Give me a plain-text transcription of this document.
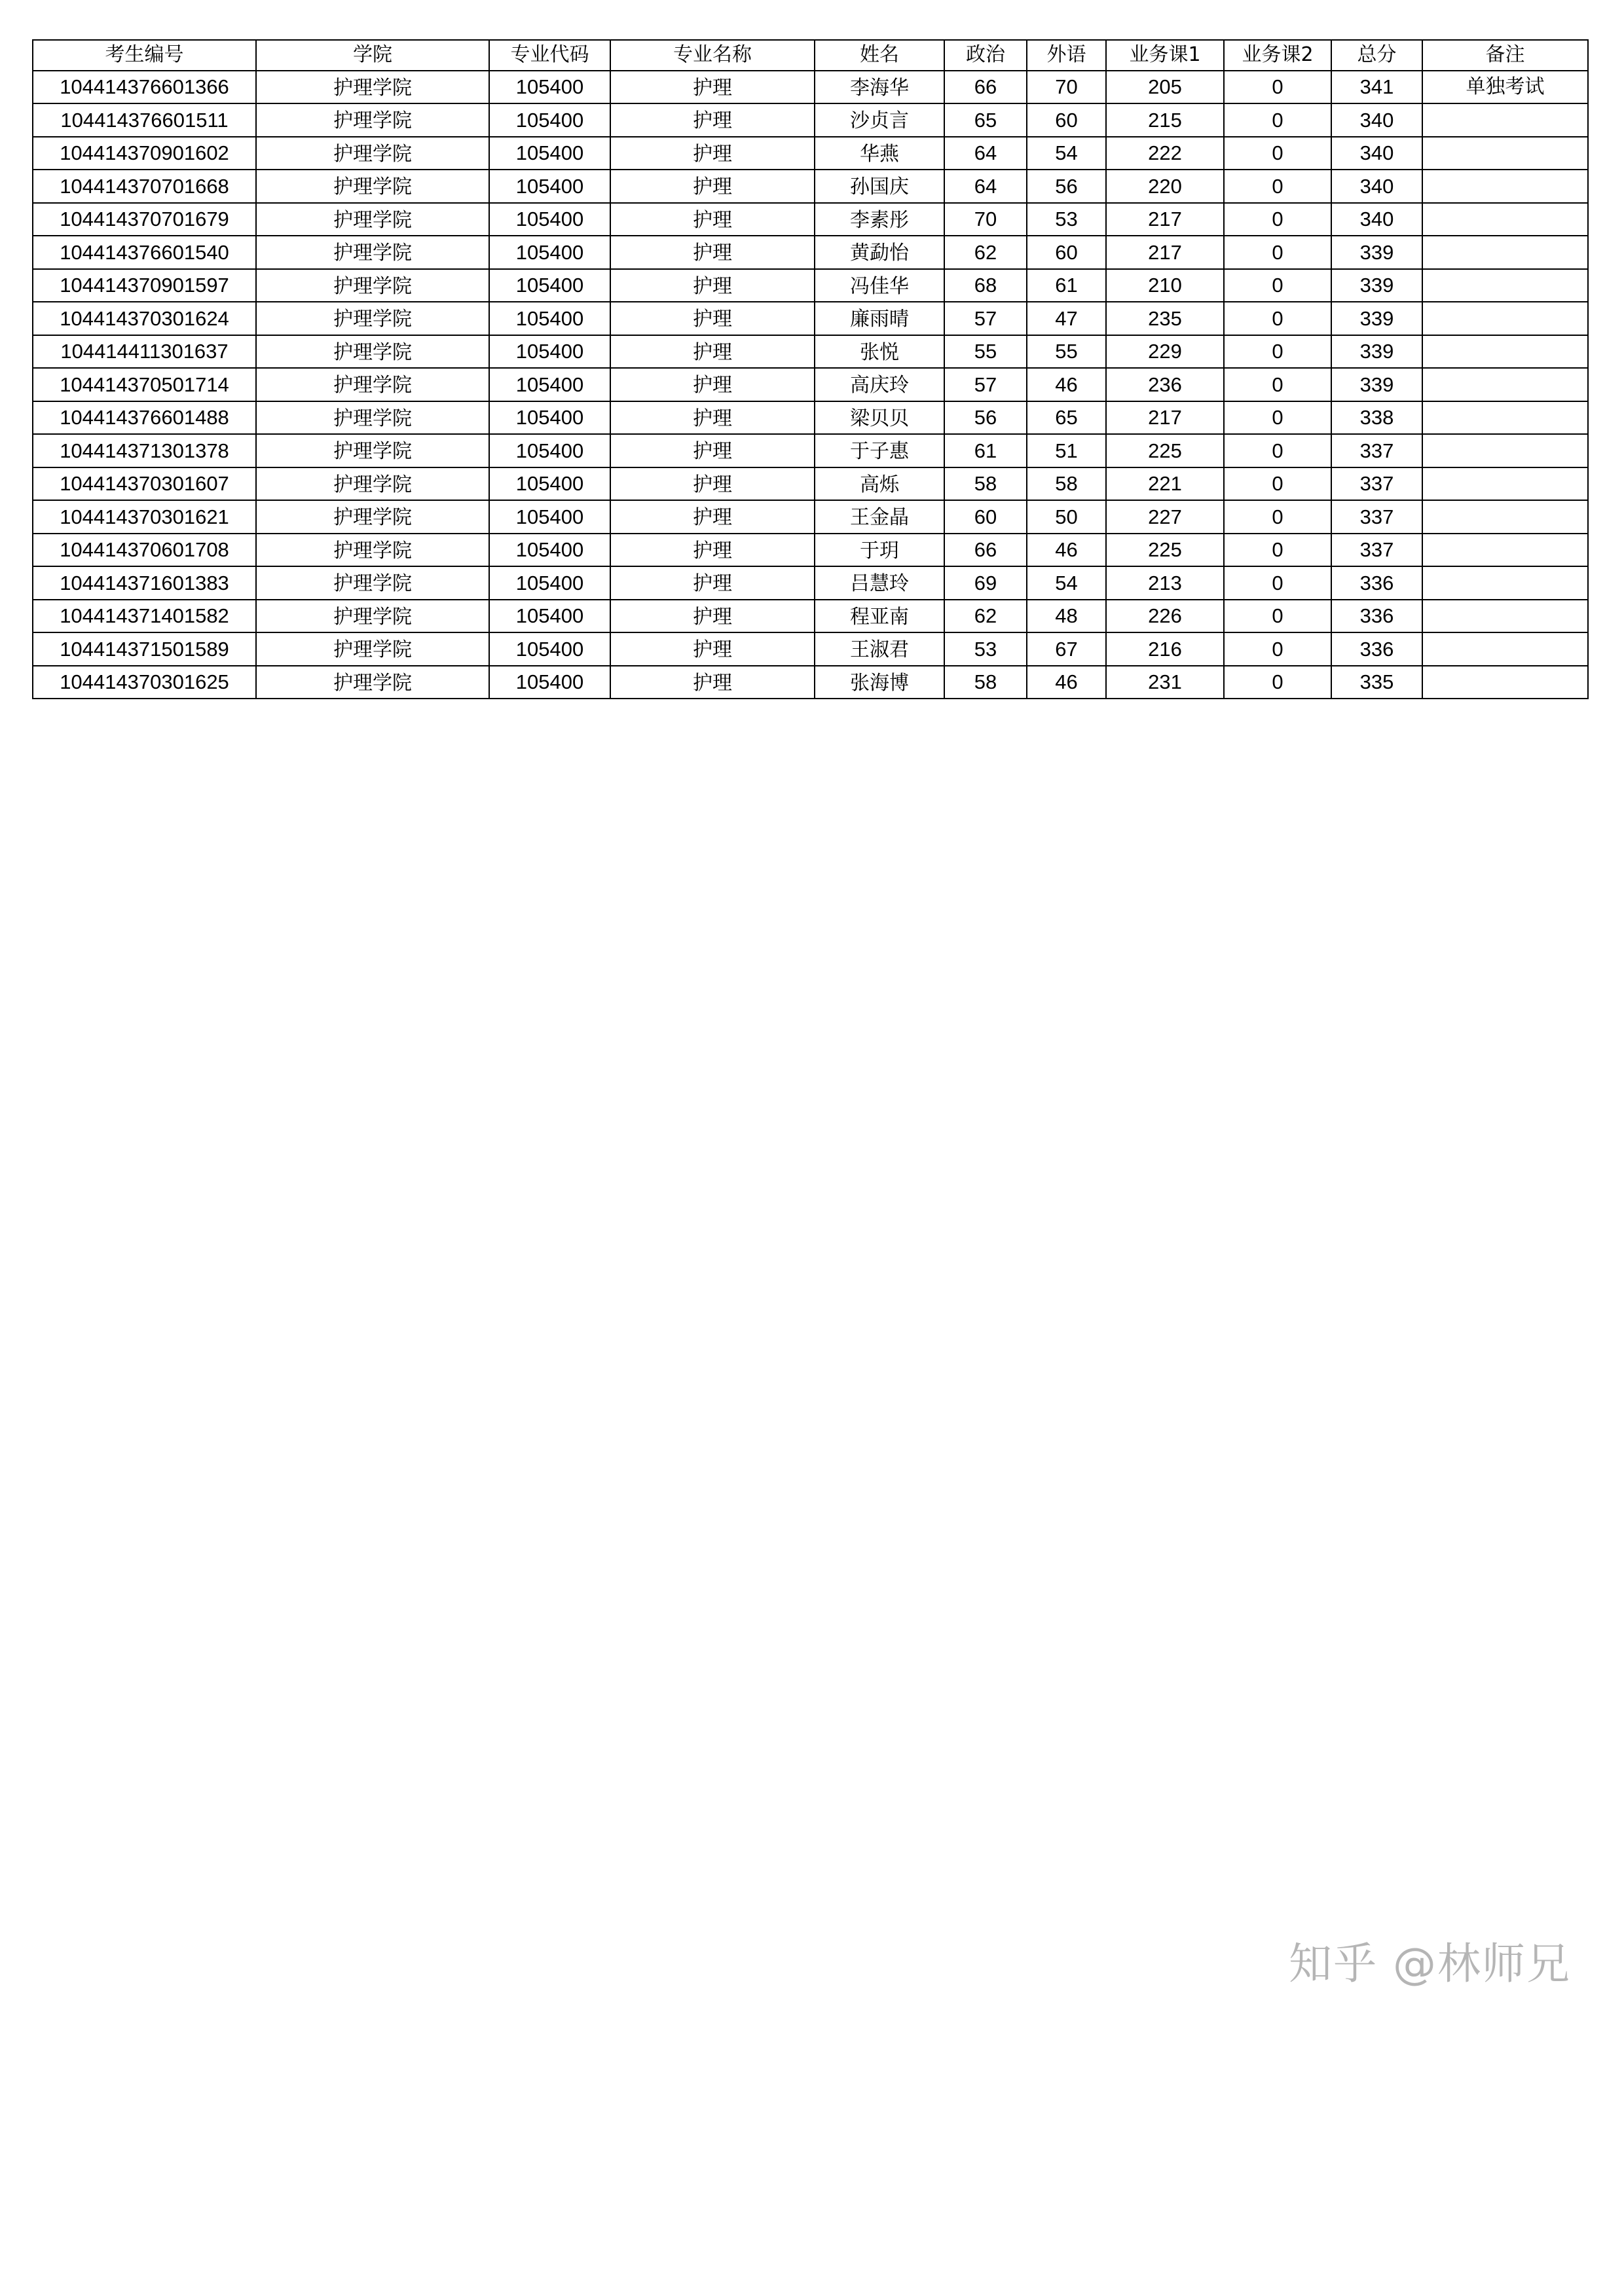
考生编号	学院	专业代码	专业名称	姓名	政治	外语	业务课1	业务课2	总分	备注
104414376601366	护理学院	105400	护理	李海华	66	70	205	0	341	单独考试
104414376601511	护理学院	105400	护理	沙贞言	65	60	215	0	340	
104414370901602	护理学院	105400	护理	华燕	64	54	222	0	340	
104414370701668	护理学院	105400	护理	孙国庆	64	56	220	0	340	
104414370701679	护理学院	105400	护理	李素彤	70	53	217	0	340	
104414376601540	护理学院	105400	护理	黄勐怡	62	60	217	0	339	
104414370901597	护理学院	105400	护理	冯佳华	68	61	210	0	339	
104414370301624	护理学院	105400	护理	廉雨晴	57	47	235	0	339	
104414411301637	护理学院	105400	护理	张悦	55	55	229	0	339	
104414370501714	护理学院	105400	护理	高庆玲	57	46	236	0	339	
104414376601488	护理学院	105400	护理	梁贝贝	56	65	217	0	338	
104414371301378	护理学院	105400	护理	于子惠	61	51	225	0	337	
104414370301607	护理学院	105400	护理	高烁	58	58	221	0	337	
104414370301621	护理学院	105400	护理	王金晶	60	50	227	0	337	
104414370601708	护理学院	105400	护理	于玥	66	46	225	0	337	
104414371601383	护理学院	105400	护理	吕慧玲	69	54	213	0	336	
104414371401582	护理学院	105400	护理	程亚南	62	48	226	0	336	
104414371501589	护理学院	105400	护理	王淑君	53	67	216	0	336	
104414370301625	护理学院	105400	护理	张海博	58	46	231	0	335	
知乎 @林师兄
